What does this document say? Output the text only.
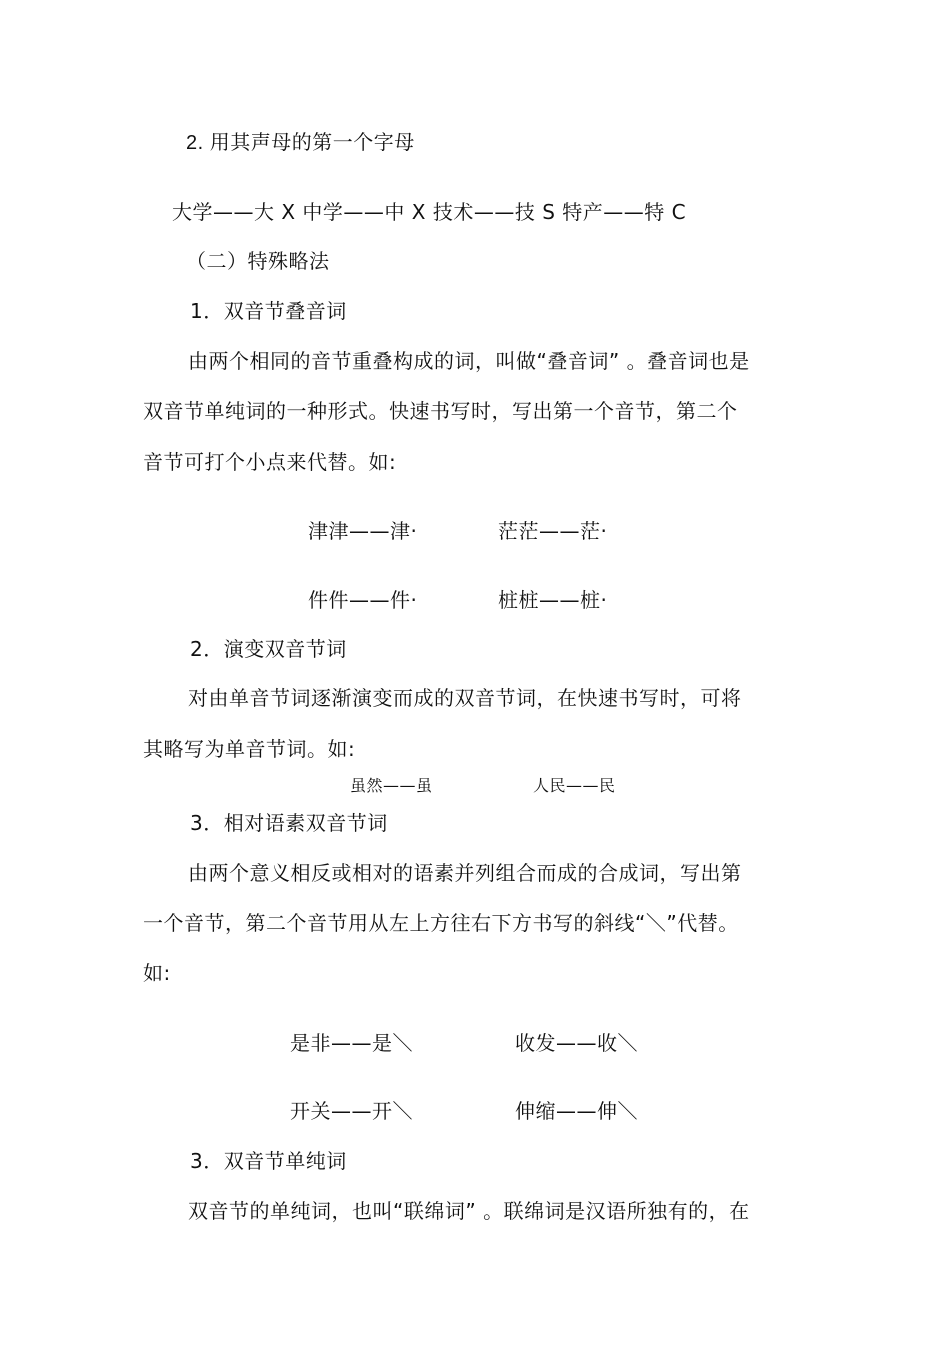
2. 用其声母的第一个字母

大学——大 X 中学——中 X 技术——技 S 特产——特 C

（二）特殊略法

1．双音节叠音词

由两个相同的音节重叠构成的词，叫做“叠音词” 。叠音词也是

双音节单纯词的一种形式。快速书写时，写出第一个音节，第二个

音节可打个小点来代替。如:

津津——津·	茫茫——茫·

件件——件·	桩桩——桩·

2．演变双音节词

对由单音节词逐渐演变而成的双音节词，在快速书写时，可将

其略写为单音节词。如:

虽然——虽	人民——民

3．相对语素双音节词

由两个意义相反或相对的语素并列组合而成的合成词，写出第

一个音节，第二个音节用从左上方往右下方书写的斜线“＼”代替。

如:

是非——是＼	收发——收＼

开关——开＼	伸缩——伸＼

3．双音节单纯词

双音节的单纯词，也叫“联绵词” 。联绵词是汉语所独有的，在
